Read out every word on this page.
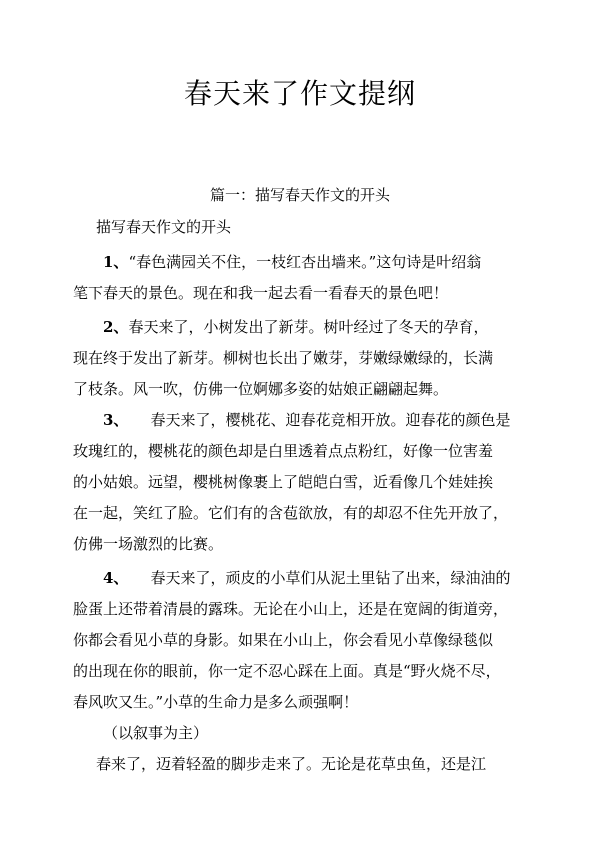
春天来了作文提纲
篇一：描写春天作文的开头
描写春天作文的开头
1、“春色满园关不住，一枝红杏出墙来。”这句诗是叶绍翁
笔下春天的景色。现在和我一起去看一看春天的景色吧！
2、春天来了，小树发出了新芽。树叶经过了冬天的孕育，
现在终于发出了新芽。柳树也长出了嫩芽，芽嫩绿嫩绿的，长满
了枝条。风一吹，仿佛一位婀娜多姿的姑娘正翩翩起舞。
3、 春天来了，樱桃花、迎春花竞相开放。迎春花的颜色是
玫瑰红的，樱桃花的颜色却是白里透着点点粉红，好像一位害羞
的小姑娘。远望，樱桃树像裹上了皑皑白雪，近看像几个娃娃挨
在一起，笑红了脸。它们有的含苞欲放，有的却忍不住先开放了，
仿佛一场激烈的比赛。
4、 春天来了，顽皮的小草们从泥土里钻了出来，绿油油的
脸蛋上还带着清晨的露珠。无论在小山上，还是在宽阔的街道旁，
你都会看见小草的身影。如果在小山上，你会看见小草像绿毯似
的出现在你的眼前，你一定不忍心踩在上面。真是“野火烧不尽，
春风吹又生。”小草的生命力是多么顽强啊！
（以叙事为主）
春来了，迈着轻盈的脚步走来了。无论是花草虫鱼，还是江
